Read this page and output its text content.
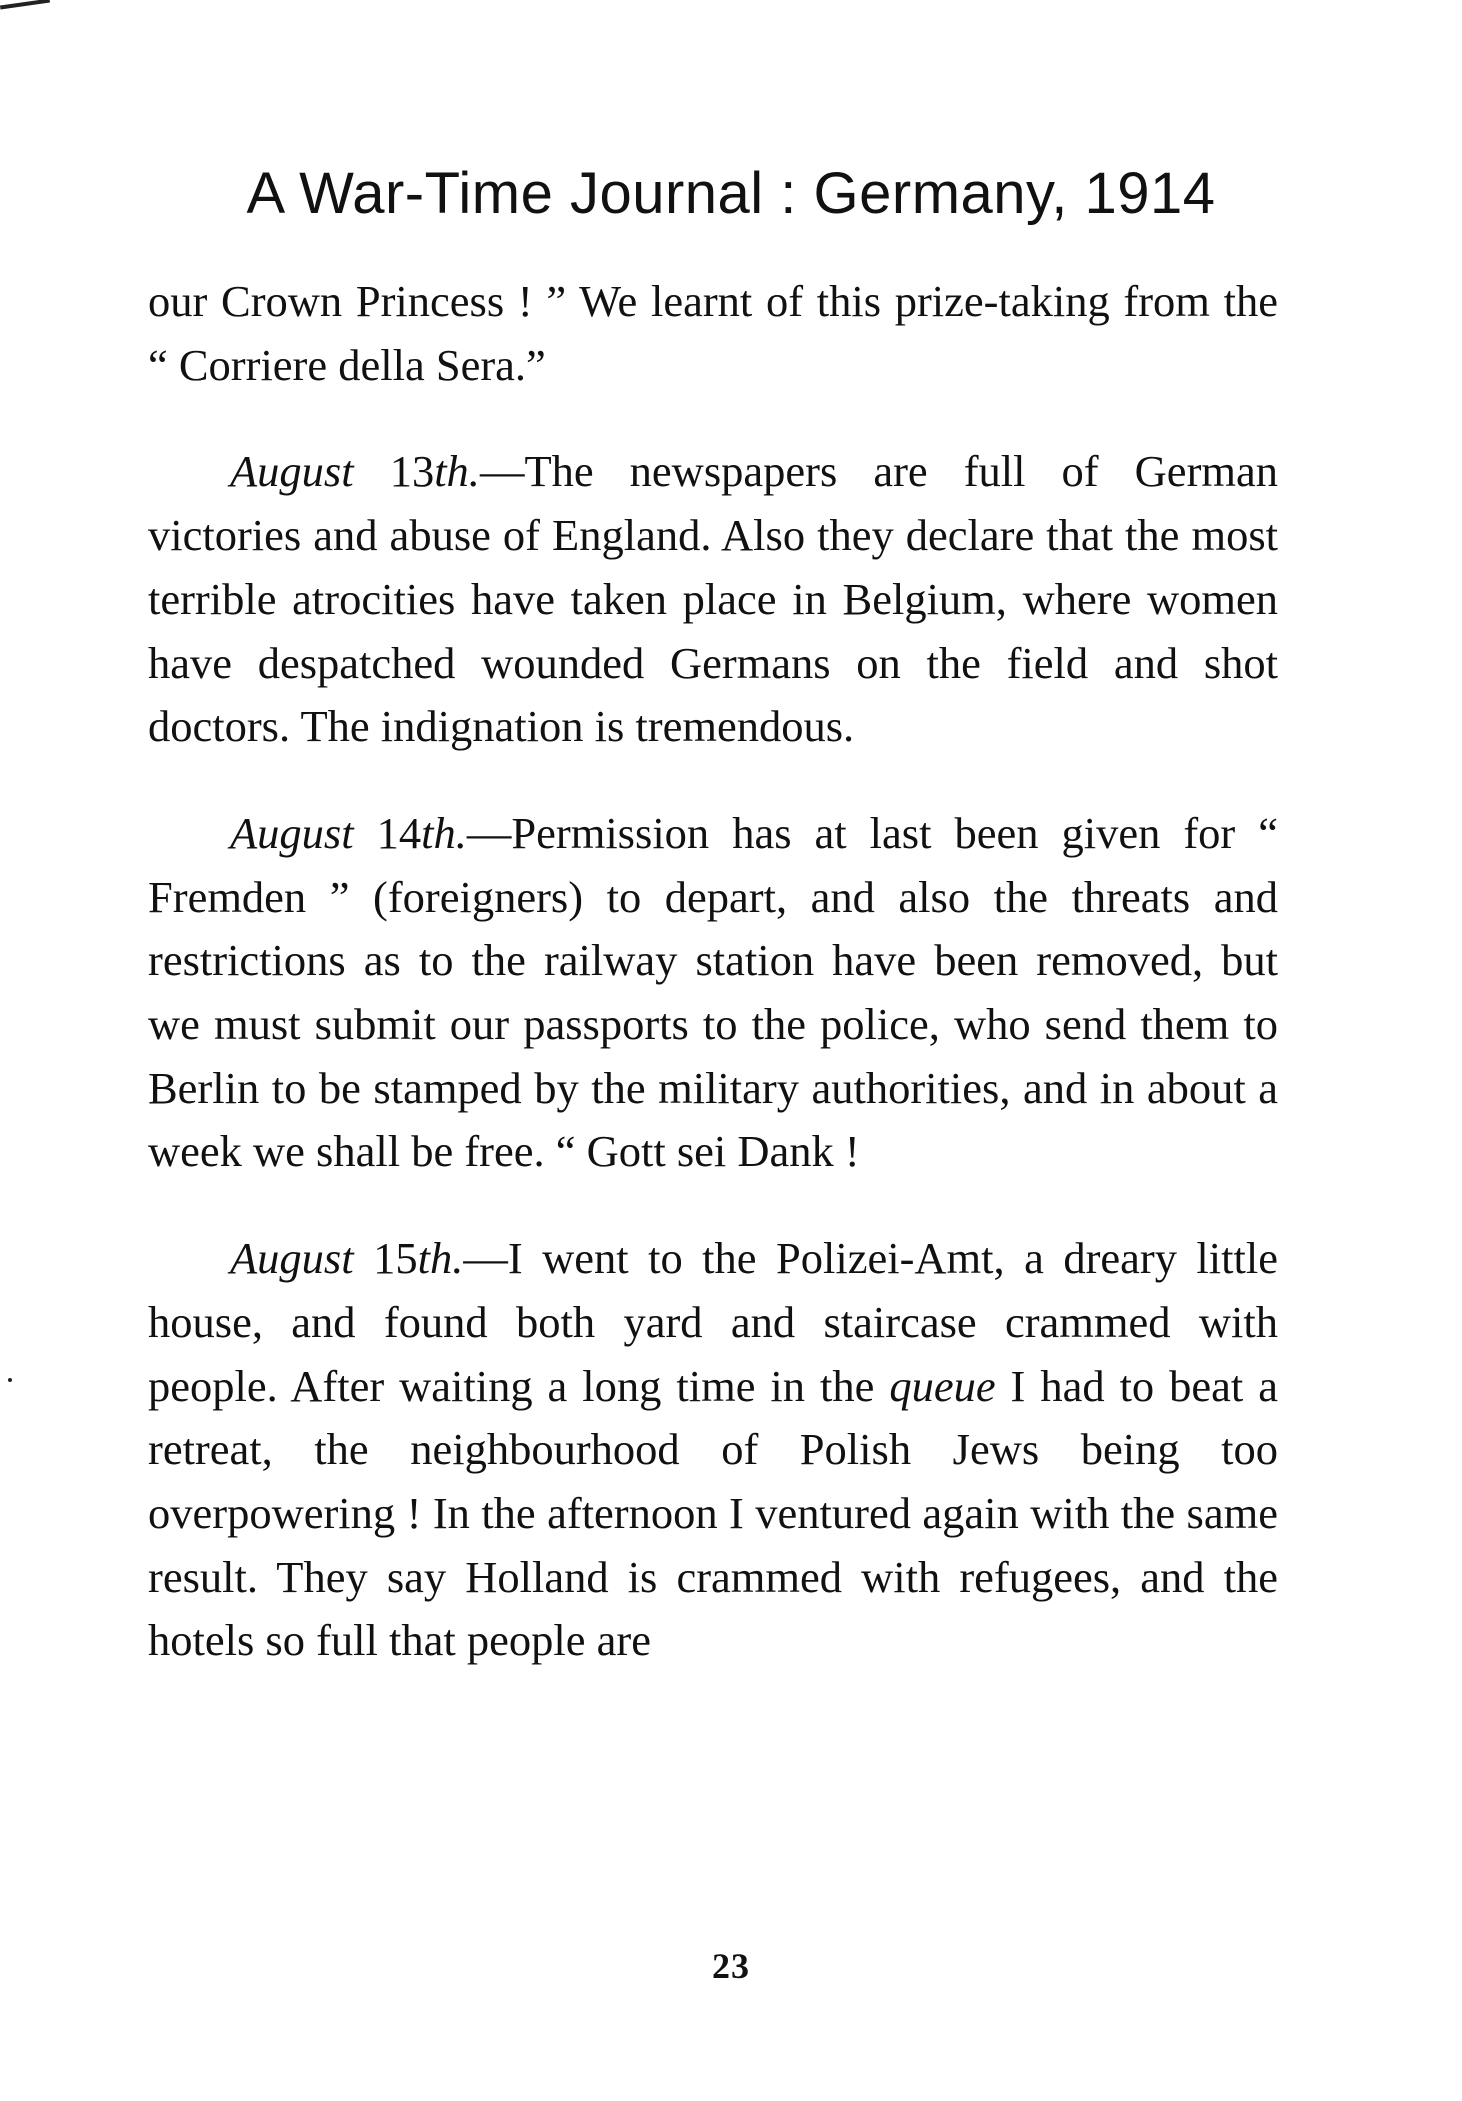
A War-Time Journal : Germany, 1914

our Crown Princess ! ” We learnt of this prize-taking from the “ Corriere della Sera.”

August 13th.—The newspapers are full of German victories and abuse of England. Also they declare that the most terrible atrocities have taken place in Belgium, where women have despatched wounded Germans on the field and shot doctors. The indignation is tremendous.

August 14th.—Permission has at last been given for “ Fremden ” (foreigners) to depart, and also the threats and restrictions as to the railway station have been removed, but we must submit our passports to the police, who send them to Berlin to be stamped by the military authorities, and in about a week we shall be free. “ Gott sei Dank !

August 15th.—I went to the Polizei-Amt, a dreary little house, and found both yard and staircase crammed with people. After waiting a long time in the queue I had to beat a retreat, the neighbourhood of Polish Jews being too overpowering ! In the afternoon I ventured again with the same result. They say Holland is crammed with refugees, and the hotels so full that people are

23
